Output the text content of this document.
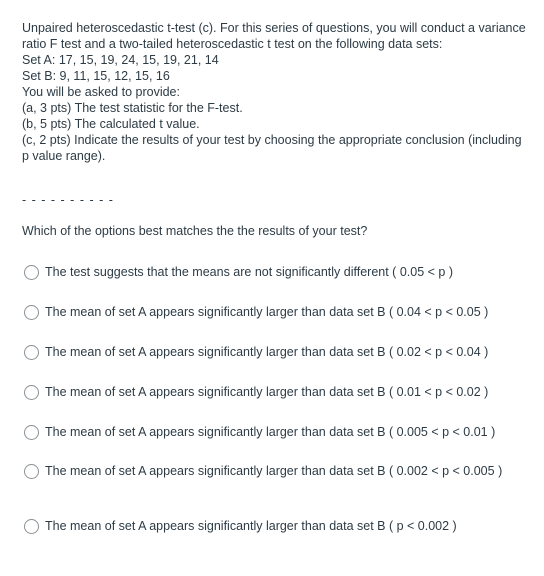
Unpaired heteroscedastic t-test (c). For this series of questions, you will conduct a variance ratio F test and a two-tailed heteroscedastic t test on the following data sets:
Set A: 17, 15, 19, 24, 15, 19, 21, 14
Set B: 9, 11, 15, 12, 15, 16
You will be asked to provide:
(a, 3 pts) The test statistic for the F-test.
(b, 5 pts) The calculated t value.
(c, 2 pts) Indicate the results of your test by choosing the appropriate conclusion (including p value range).
- - - - - - - - - -
Which of the options best matches the the results of your test?
The test suggests that the means are not significantly different ( 0.05 < p )
The mean of set A appears significantly larger than data set B ( 0.04 < p < 0.05 )
The mean of set A appears significantly larger than data set B ( 0.02 < p < 0.04 )
The mean of set A appears significantly larger than data set B ( 0.01 < p < 0.02 )
The mean of set A appears significantly larger than data set B ( 0.005 < p < 0.01 )
The mean of set A appears significantly larger than data set B ( 0.002 < p < 0.005 )
The mean of set A appears significantly larger than data set B ( p < 0.002 )
